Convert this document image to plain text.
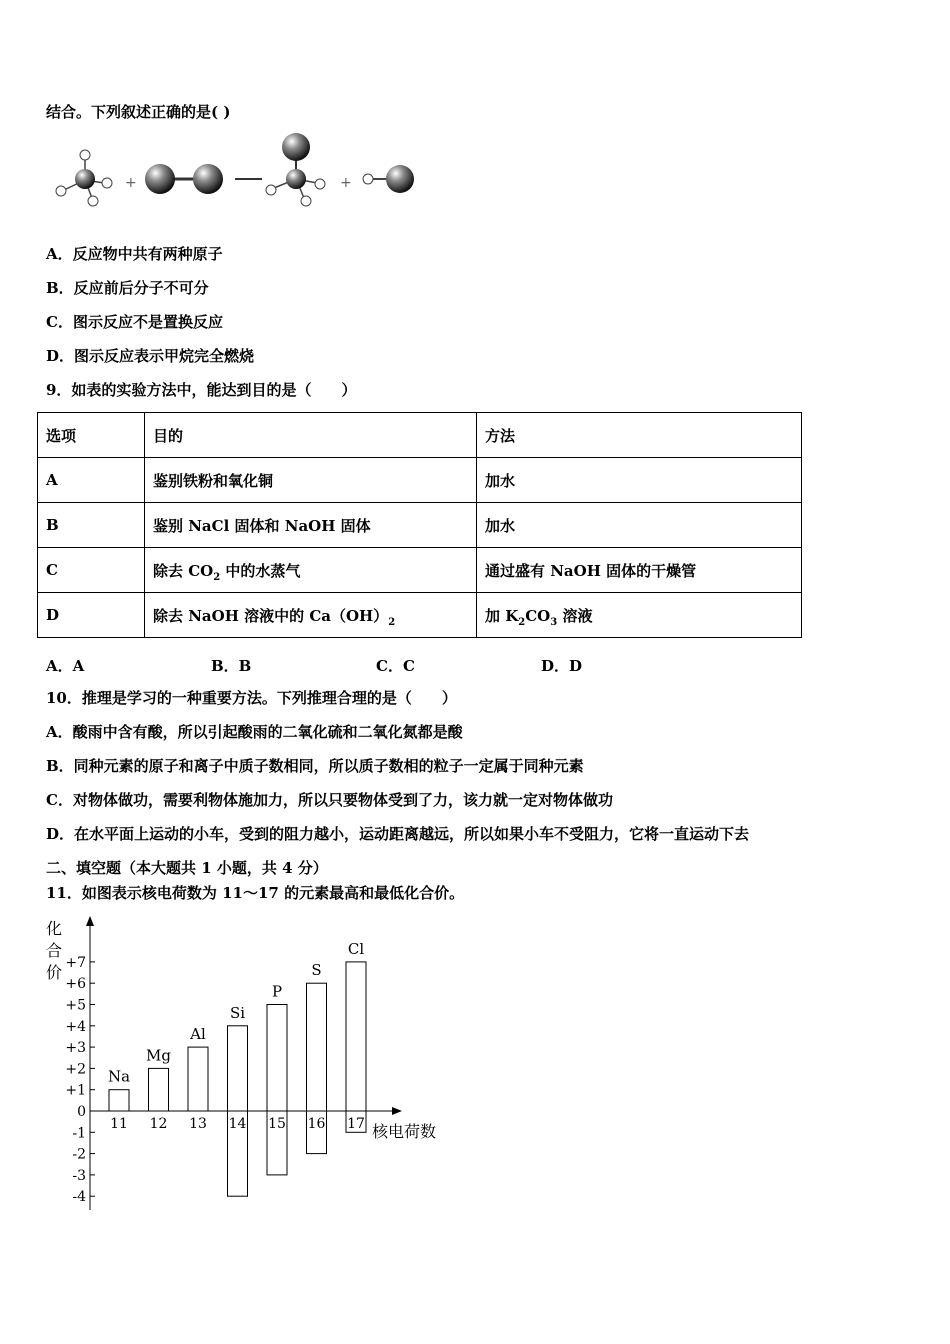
结合。下列叙述正确的是( )
+	+
A．反应物中共有两种原子
B．反应前后分子不可分
C．图示反应不是置换反应
D．图示反应表示甲烷完全燃烧
9．如表的实验方法中，能达到目的是（　　）
选项	目的	方法
A	鉴别铁粉和氧化铜	加水
B	鉴别 NaCl 固体和 NaOH 固体	加水
C	除去 $CO_2$ 中的水蒸气	通过盛有 NaOH 固体的干燥管
D	除去 NaOH 溶液中的 $Ca(OH)_2$	加 $K_2CO_3$ 溶液
A．A	B．B	C．C	D．D
10．推理是学习的一种重要方法。下列推理合理的是（　　）
A．酸雨中含有酸，所以引起酸雨的二氧化硫和二氧化氮都是酸
B．同种元素的原子和离子中质子数相同，所以质子数相的粒子一定属于同种元素
C．对物体做功，需要利物体施加力，所以只要物体受到了力，该力就一定对物体做功
D．在水平面上运动的小车，受到的阻力越小，运动距离越远，所以如果小车不受阻力，它将一直运动下去
二、填空题（本大题共 1 小题，共 4 分）
11．如图表示核电荷数为 11～17 的元素最高和最低化合价。
化
合
价
核电荷数
+7
+6
+5
+4
+3
+2
+1
0
-1
-2
-3
-4
Na
11
Mg
12
Al
13
Si
14
P
15
S
16
Cl
17
